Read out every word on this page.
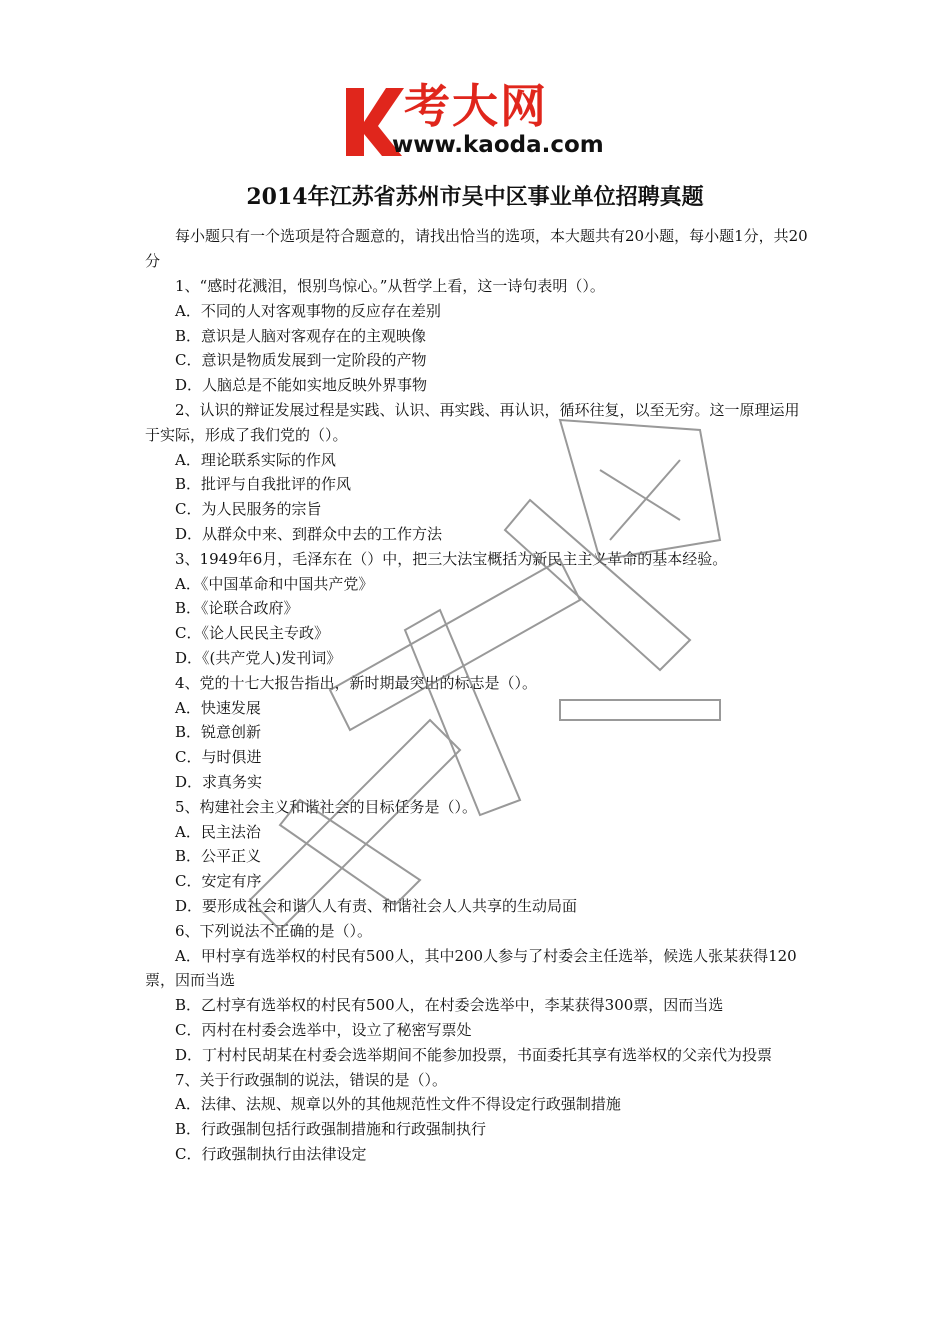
考大网
www.kaoda.com
2014年江苏省苏州市吴中区事业单位招聘真题
每小题只有一个选项是符合题意的，请找出恰当的选项，本大题共有20小题，每小题1分，共20分
1、“感时花溅泪，恨别鸟惊心。”从哲学上看，这一诗句表明（）。
A．不同的人对客观事物的反应存在差别
B．意识是人脑对客观存在的主观映像
C．意识是物质发展到一定阶段的产物
D．人脑总是不能如实地反映外界事物
2、认识的辩证发展过程是实践、认识、再实践、再认识，循环往复，以至无穷。这一原理运用于实际，形成了我们党的（）。
A．理论联系实际的作风
B．批评与自我批评的作风
C．为人民服务的宗旨
D．从群众中来、到群众中去的工作方法
3、1949年6月，毛泽东在（）中，把三大法宝概括为新民主主义革命的基本经验。
A．《中国革命和中国共产党》
B．《论联合政府》
C．《论人民民主专政》
D．《(共产党人)发刊词》
4、党的十七大报告指出，新时期最突出的标志是（）。
A．快速发展
B．锐意创新
C．与时俱进
D．求真务实
5、构建社会主义和谐社会的目标任务是（）。
A．民主法治
B．公平正义
C．安定有序
D．要形成社会和谐人人有责、和谐社会人人共享的生动局面
6、下列说法不正确的是（）。
A．甲村享有选举权的村民有500人，其中200人参与了村委会主任选举，候选人张某获得120票，因而当选
B．乙村享有选举权的村民有500人，在村委会选举中，李某获得300票，因而当选
C．丙村在村委会选举中，设立了秘密写票处
D．丁村村民胡某在村委会选举期间不能参加投票，书面委托其享有选举权的父亲代为投票
7、关于行政强制的说法，错误的是（）。
A．法律、法规、规章以外的其他规范性文件不得设定行政强制措施
B．行政强制包括行政强制措施和行政强制执行
C．行政强制执行由法律设定
